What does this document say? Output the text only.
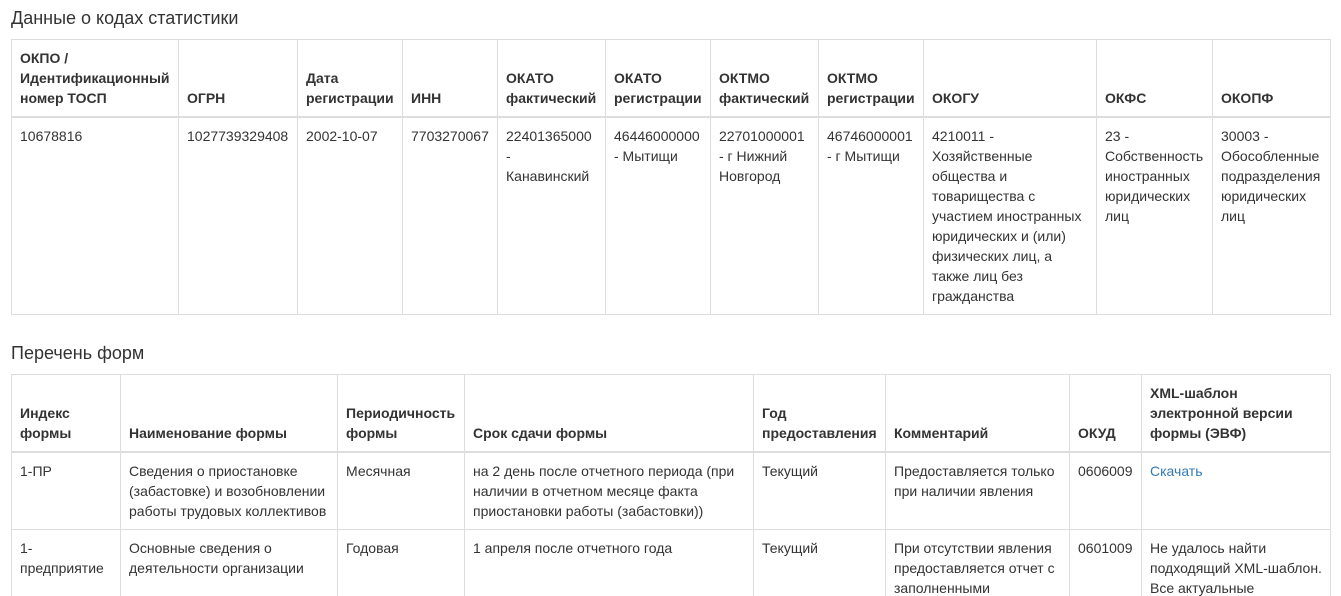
Данные о кодах статистики
ОКПО / Идентификационный номер ТОСП	ОГРН	Дата регистрации	ИНН	ОКАТО фактический	ОКАТО регистрации	ОКТМО фактический	ОКТМО регистрации	ОКОГУ	ОКФС	ОКОПФ
10678816	1027739329408	2002-10-07	7703270067	22401365000 - Канавинский	46446000000 - Мытищи	22701000001 - г Нижний Новгород	46746000001 - г Мытищи	4210011 - Хозяйственные общества и товарищества с участием иностранных юридических и (или) физических лиц, а также лиц без гражданства	23 - Собственность иностранных юридических лиц	30003 - Обособленные подразделения юридических лиц
Перечень форм
Индекс формы	Наименование формы	Периодичность формы	Срок сдачи формы	Год предоставления	Комментарий	ОКУД	XML-шаблон электронной версии формы (ЭВФ)
1-ПР	Сведения о приостановке (забастовке) и возобновлении работы трудовых коллективов	Месячная	на 2 день после отчетного периода (при наличии в отчетном месяце факта приостановки работы (забастовки))	Текущий	Предоставляется только при наличии явления	0606009	Скачать
1-предприятие	Основные сведения о деятельности организации	Годовая	1 апреля после отчетного года	Текущий	При отсутствии явления предоставляется отчет с заполненными	0601009	Не удалось найти подходящий XML-шаблон. Все актуальные
